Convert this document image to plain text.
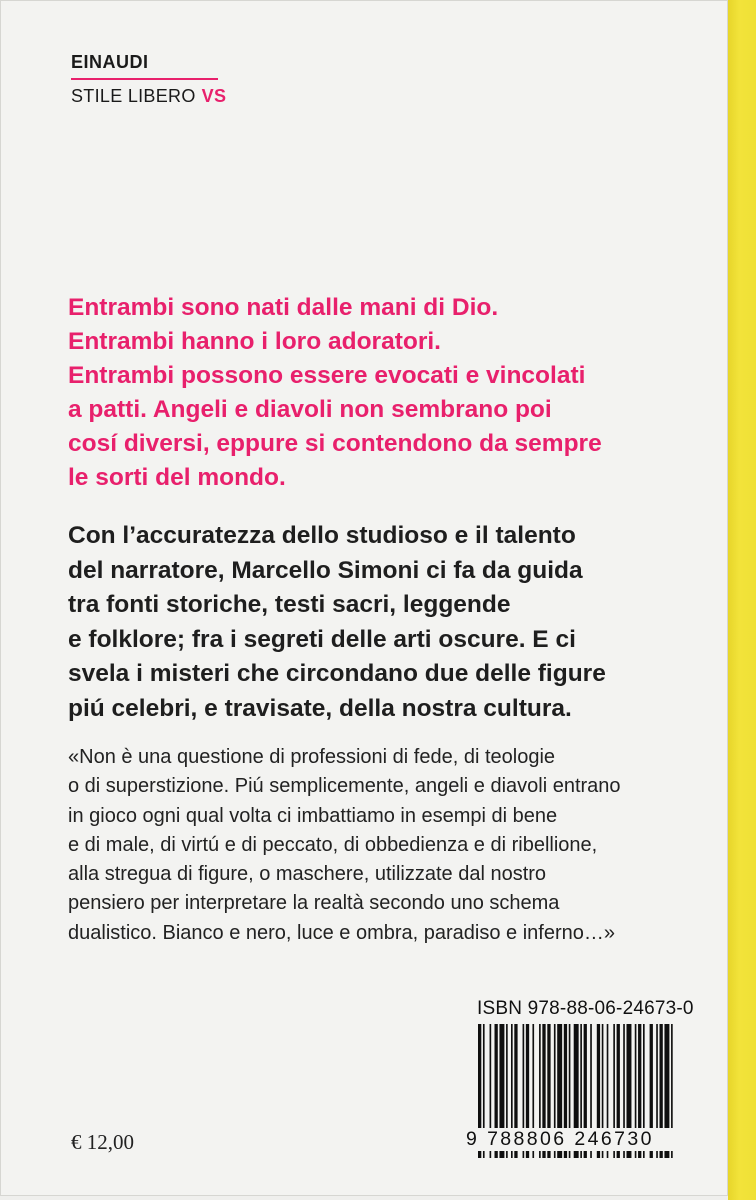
EINAUDI
STILE LIBERO VS
Entrambi sono nati dalle mani di Dio.
Entrambi hanno i loro adoratori.
Entrambi possono essere evocati e vincolati
a patti. Angeli e diavoli non sembrano poi
cosí diversi, eppure si contendono da sempre
le sorti del mondo.
Con l’accuratezza dello studioso e il talento
del narratore, Marcello Simoni ci fa da guida
tra fonti storiche, testi sacri, leggende
e folklore; fra i segreti delle arti oscure. E ci
svela i misteri che circondano due delle figure
piú celebri, e travisate, della nostra cultura.
«Non è una questione di professioni di fede, di teologie
o di superstizione. Piú semplicemente, angeli e diavoli entrano
in gioco ogni qual volta ci imbattiamo in esempi di bene
e di male, di virtú e di peccato, di obbedienza e di ribellione,
alla stregua di figure, o maschere, utilizzate dal nostro
pensiero per interpretare la realtà secondo uno schema
dualistico. Bianco e nero, luce e ombra, paradiso e inferno…»
ISBN 978-88-06-24673-0
9 788806 246730
€ 12,00
